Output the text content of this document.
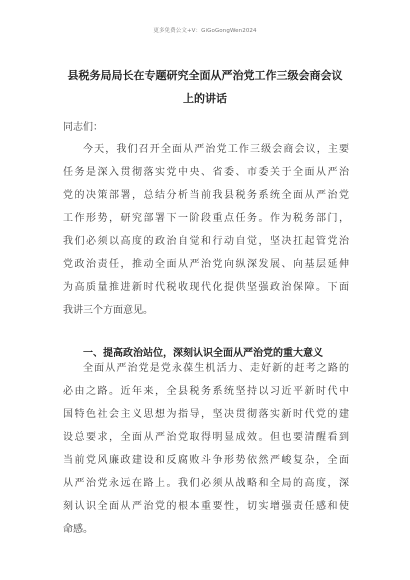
更多免费公文+V：GiGoGongWen2024
县税务局局长在专题研究全面从严治党工作三级会商会议
上的讲话
同志们：
今天，我们召开全面从严治党工作三级会商会议，主要
任务是深入贯彻落实党中央、省委、市委关于全面从严治
党的决策部署，总结分析当前我县税务系统全面从严治党
工作形势，研究部署下一阶段重点任务。作为税务部门，
我们必须以高度的政治自觉和行动自觉，坚决扛起管党治
党政治责任，推动全面从严治党向纵深发展、向基层延伸
为高质量推进新时代税收现代化提供坚强政治保障。下面
我讲三个方面意见。
一、提高政治站位，深刻认识全面从严治党的重大意义
全面从严治党是党永葆生机活力、走好新的赶考之路的
必由之路。近年来，全县税务系统坚持以习近平新时代中
国特色社会主义思想为指导，坚决贯彻落实新时代党的建
设总要求，全面从严治党取得明显成效。但也要清醒看到
当前党风廉政建设和反腐败斗争形势依然严峻复杂，全面
从严治党永远在路上。我们必须从战略和全局的高度，深
刻认识全面从严治党的根本重要性，切实增强责任感和使
命感。
